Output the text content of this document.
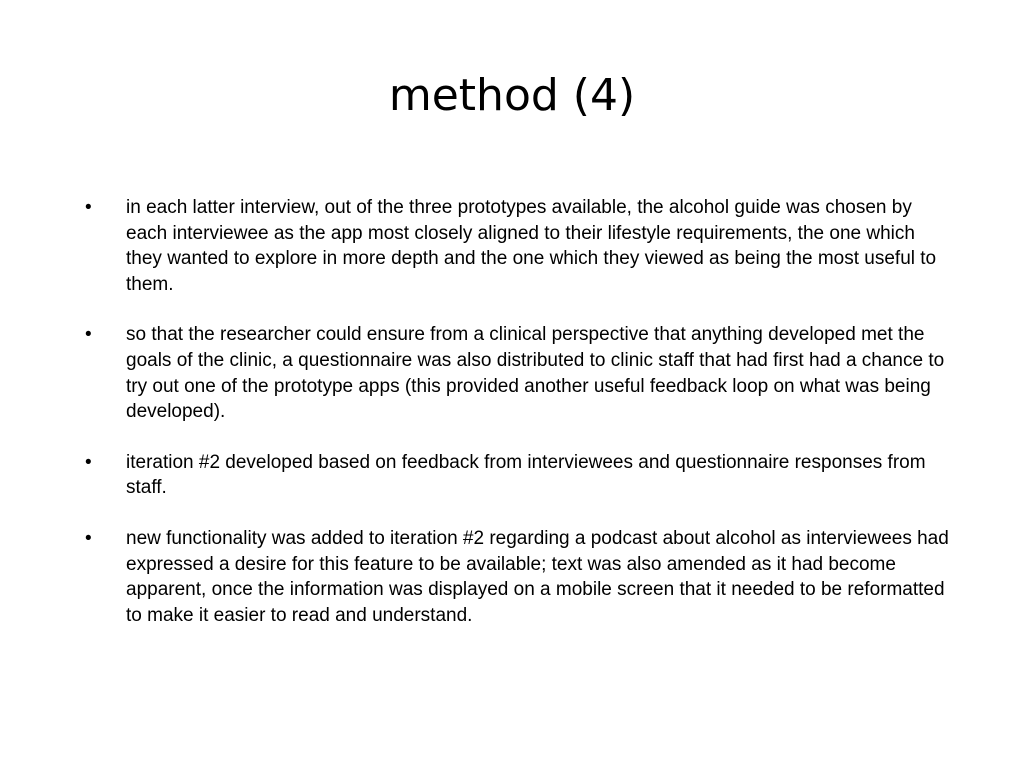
method (4)
•	in each latter interview, out of the three prototypes available, the alcohol guide was chosen by each interviewee as the app most closely aligned to their lifestyle requirements, the one which they wanted to explore in more depth and the one which they viewed as being the most useful to them.
•	so that the researcher could ensure from a clinical perspective that anything developed met the goals of the clinic, a questionnaire was also distributed to clinic staff that had first had a chance to try out one of the prototype apps (this provided another useful feedback loop on what was being developed).
•	iteration #2 developed based on feedback from interviewees and questionnaire responses from staff.
•	new functionality was added to iteration #2 regarding a podcast about alcohol as interviewees had expressed a desire for this feature to be available; text was also amended as it had become apparent, once the information was displayed on a mobile screen that it needed to be reformatted to make it easier to read and understand.
